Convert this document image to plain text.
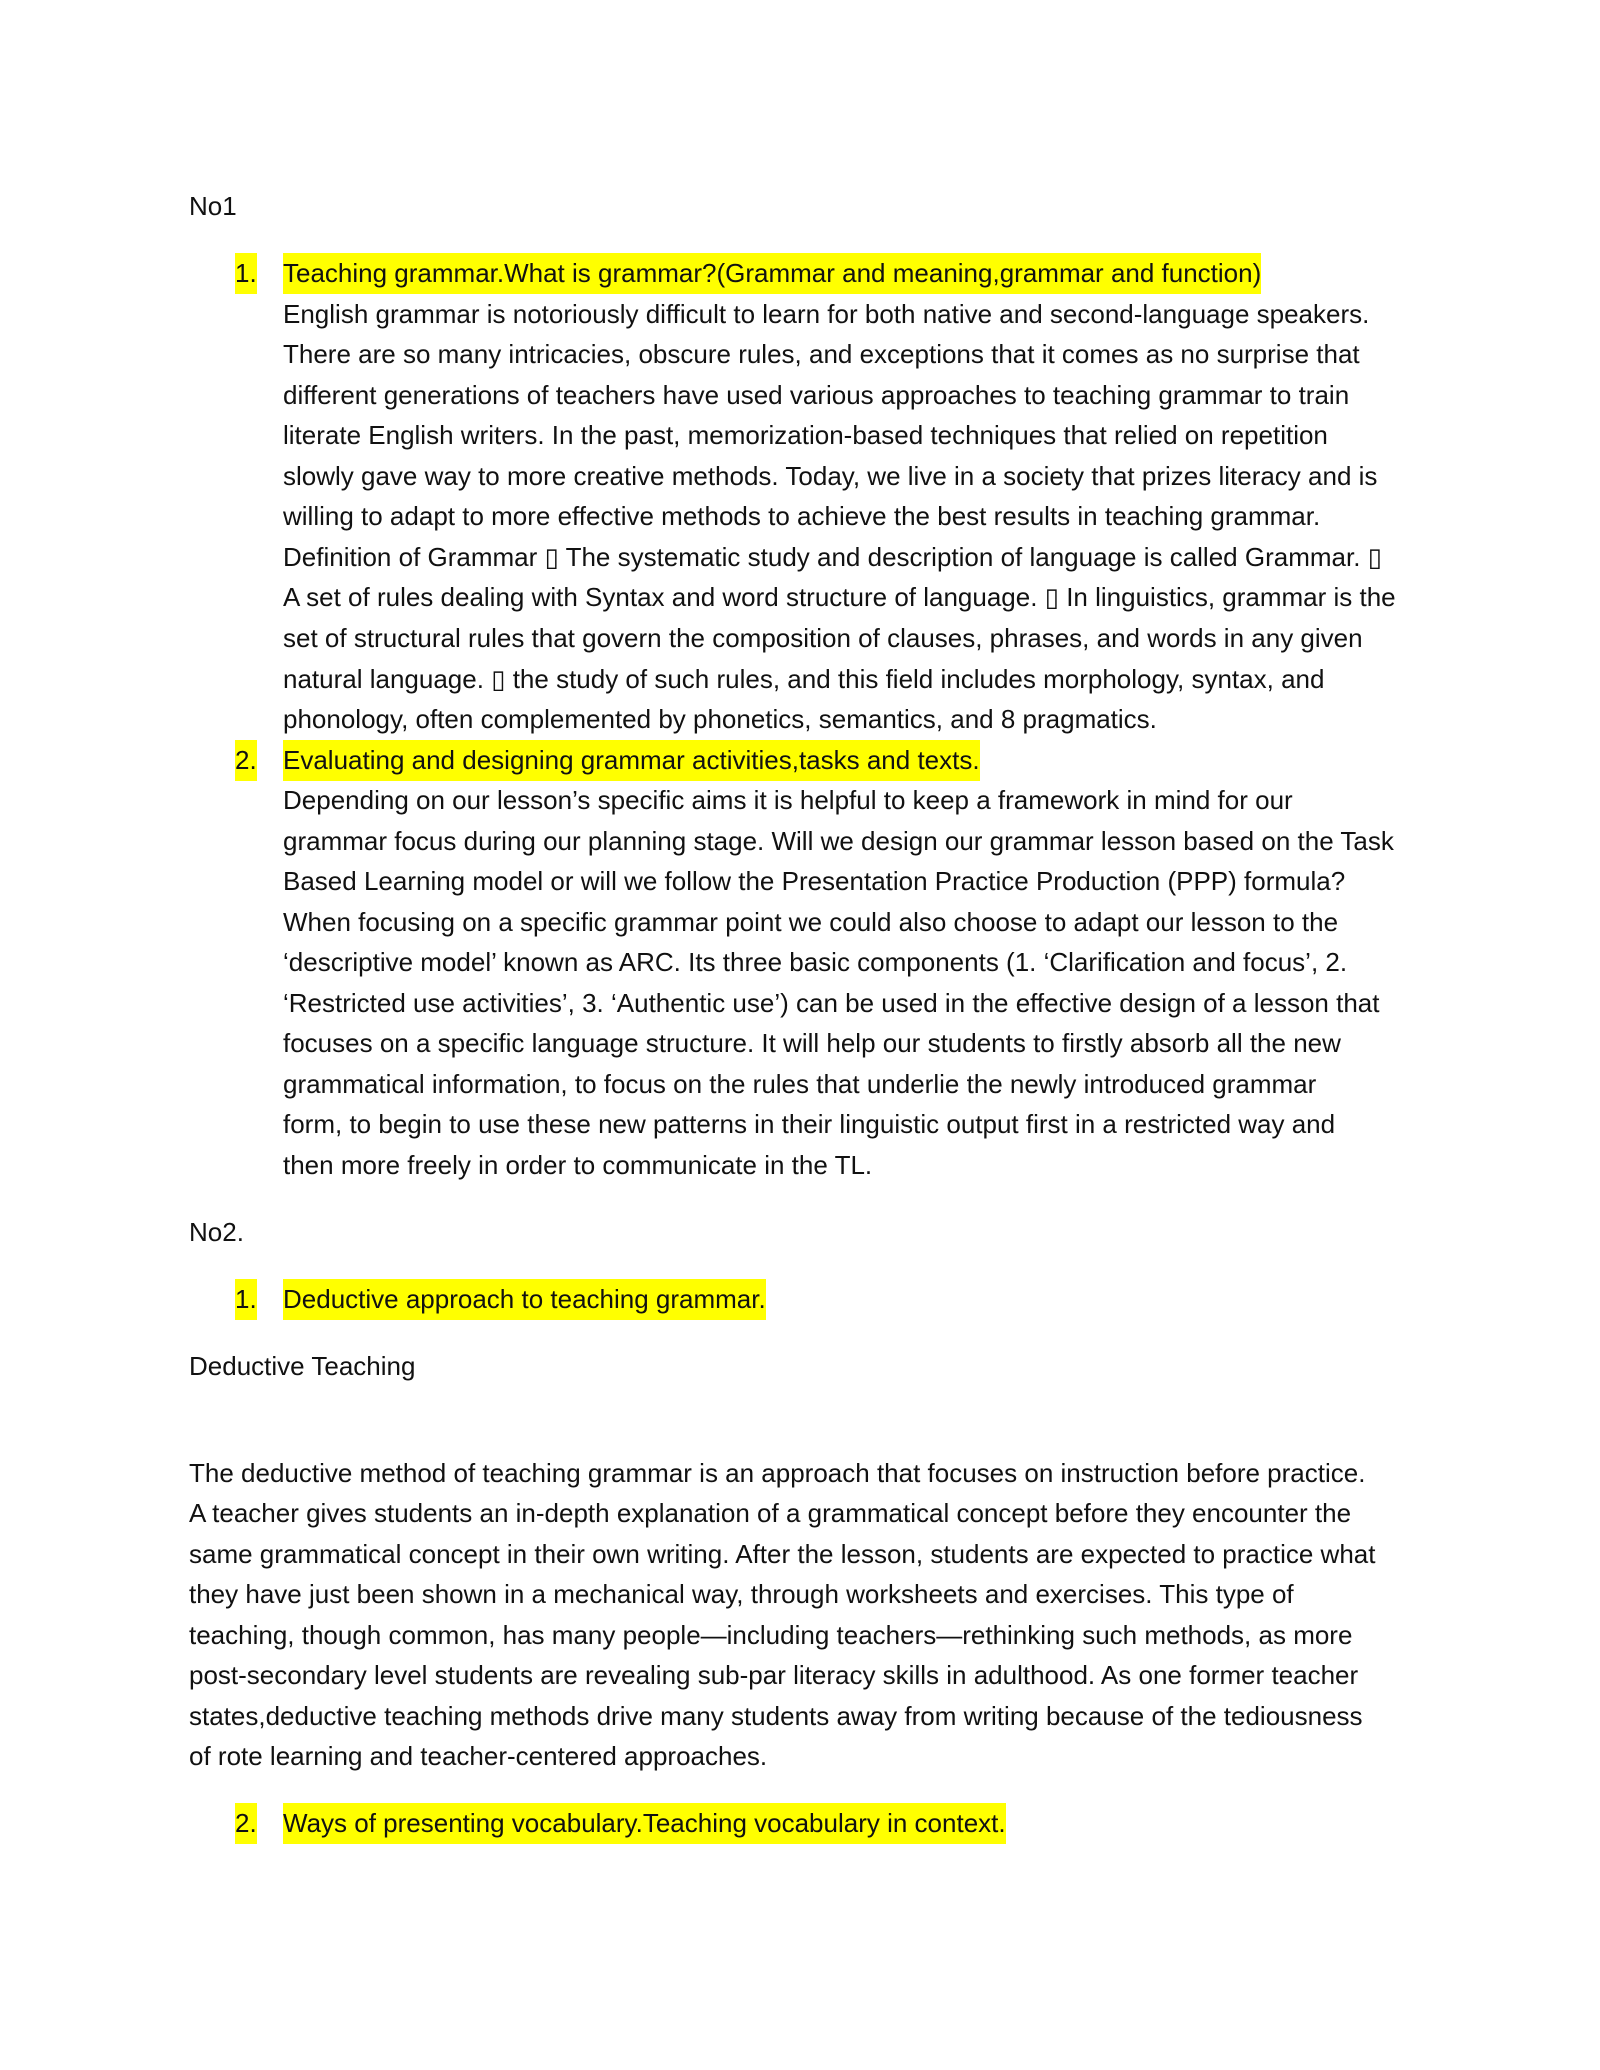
No1
1. Teaching grammar.What is grammar?(Grammar and meaning,grammar and function)
English grammar is notoriously difficult to learn for both native and second-language speakers.
There are so many intricacies, obscure rules, and exceptions that it comes as no surprise that
different generations of teachers have used various approaches to teaching grammar to train
literate English writers. In the past, memorization-based techniques that relied on repetition
slowly gave way to more creative methods. Today, we live in a society that prizes literacy and is
willing to adapt to more effective methods to achieve the best results in teaching grammar.
Definition of Grammar ▯ The systematic study and description of language is called Grammar. ▯
A set of rules dealing with Syntax and word structure of language. ▯ In linguistics, grammar is the
set of structural rules that govern the composition of clauses, phrases, and words in any given
natural language. ▯ the study of such rules, and this field includes morphology, syntax, and
phonology, often complemented by phonetics, semantics, and 8 pragmatics.
2. Evaluating and designing grammar activities,tasks and texts.
Depending on our lesson’s specific aims it is helpful to keep a framework in mind for our
grammar focus during our planning stage. Will we design our grammar lesson based on the Task
Based Learning model or will we follow the Presentation Practice Production (PPP) formula?
When focusing on a specific grammar point we could also choose to adapt our lesson to the
‘descriptive model’ known as ARC. Its three basic components (1. ‘Clarification and focus’, 2.
‘Restricted use activities’, 3. ‘Authentic use’) can be used in the effective design of a lesson that
focuses on a specific language structure. It will help our students to firstly absorb all the new
grammatical information, to focus on the rules that underlie the newly introduced grammar
form, to begin to use these new patterns in their linguistic output first in a restricted way and
then more freely in order to communicate in the TL.
No2.
1. Deductive approach to teaching grammar.
Deductive Teaching
The deductive method of teaching grammar is an approach that focuses on instruction before practice.
A teacher gives students an in-depth explanation of a grammatical concept before they encounter the
same grammatical concept in their own writing. After the lesson, students are expected to practice what
they have just been shown in a mechanical way, through worksheets and exercises. This type of
teaching, though common, has many people—including teachers—rethinking such methods, as more
post-secondary level students are revealing sub-par literacy skills in adulthood. As one former teacher
states,deductive teaching methods drive many students away from writing because of the tediousness
of rote learning and teacher-centered approaches.
2. Ways of presenting vocabulary.Teaching vocabulary in context.
